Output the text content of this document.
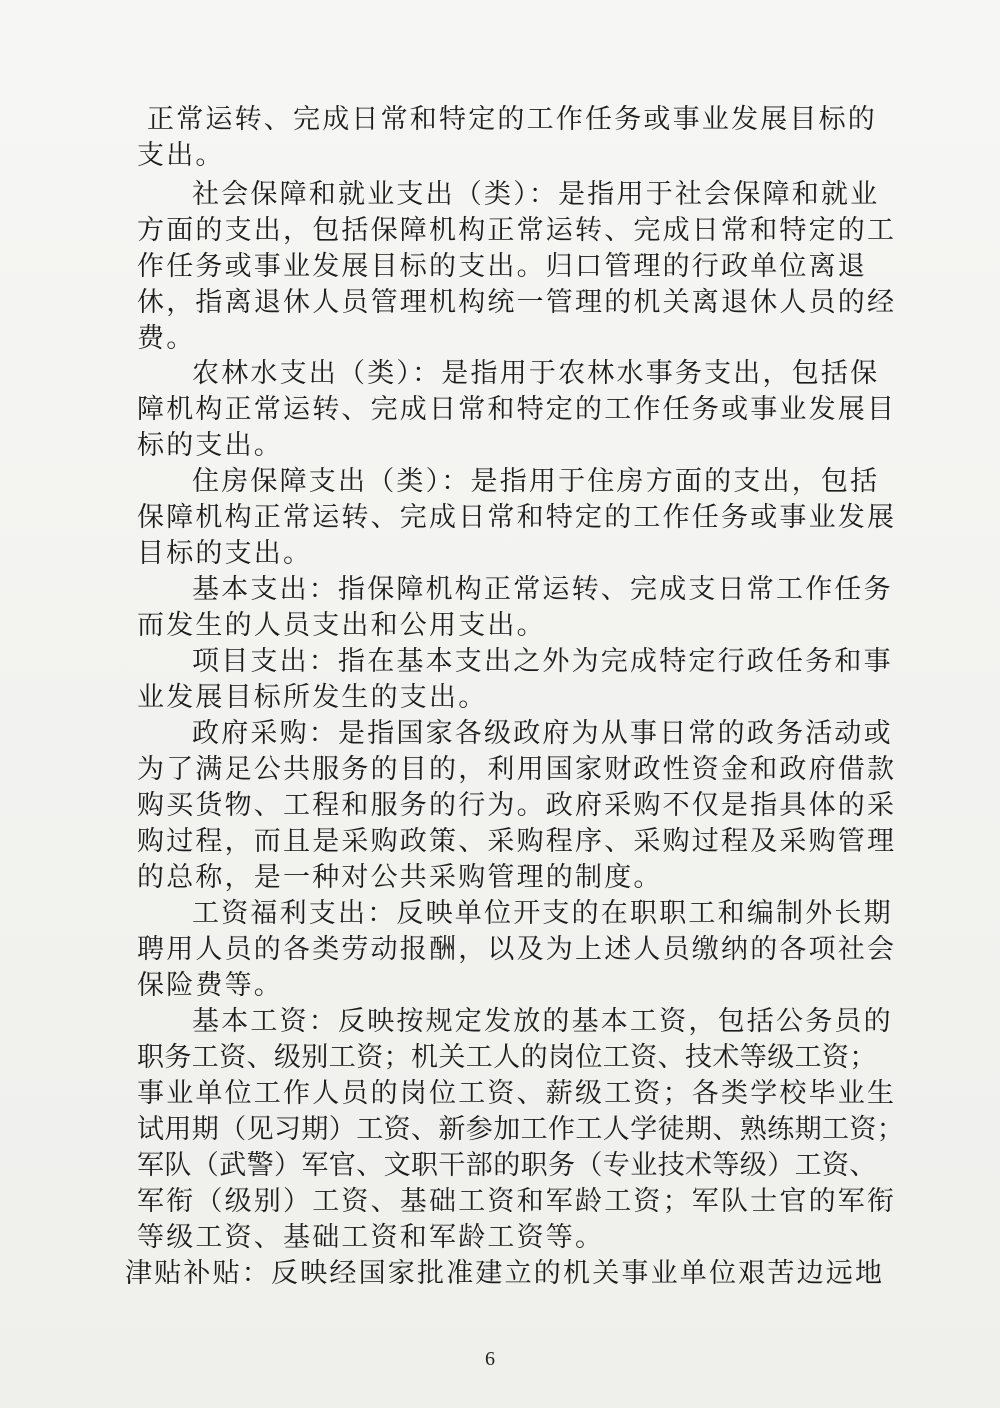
正常运转、完成日常和特定的工作任务或事业发展目标的
支出。
社会保障和就业支出（类）：是指用于社会保障和就业
方面的支出，包括保障机构正常运转、完成日常和特定的工
作任务或事业发展目标的支出。归口管理的行政单位离退
休，指离退休人员管理机构统一管理的机关离退休人员的经
费。
农林水支出（类）：是指用于农林水事务支出，包括保
障机构正常运转、完成日常和特定的工作任务或事业发展目
标的支出。
住房保障支出（类）：是指用于住房方面的支出，包括
保障机构正常运转、完成日常和特定的工作任务或事业发展
目标的支出。
基本支出：指保障机构正常运转、完成支日常工作任务
而发生的人员支出和公用支出。
项目支出：指在基本支出之外为完成特定行政任务和事
业发展目标所发生的支出。
政府采购：是指国家各级政府为从事日常的政务活动或
为了满足公共服务的目的，利用国家财政性资金和政府借款
购买货物、工程和服务的行为。政府采购不仅是指具体的采
购过程，而且是采购政策、采购程序、采购过程及采购管理
的总称，是一种对公共采购管理的制度。
工资福利支出：反映单位开支的在职职工和编制外长期
聘用人员的各类劳动报酬，以及为上述人员缴纳的各项社会
保险费等。
基本工资：反映按规定发放的基本工资，包括公务员的
职务工资、级别工资；机关工人的岗位工资、技术等级工资；
事业单位工作人员的岗位工资、薪级工资；各类学校毕业生
试用期（见习期）工资、新参加工作工人学徒期、熟练期工资；
军队（武警）军官、文职干部的职务（专业技术等级）工资、
军衔（级别）工资、基础工资和军龄工资；军队士官的军衔
等级工资、基础工资和军龄工资等。
津贴补贴：反映经国家批准建立的机关事业单位艰苦边远地
6
